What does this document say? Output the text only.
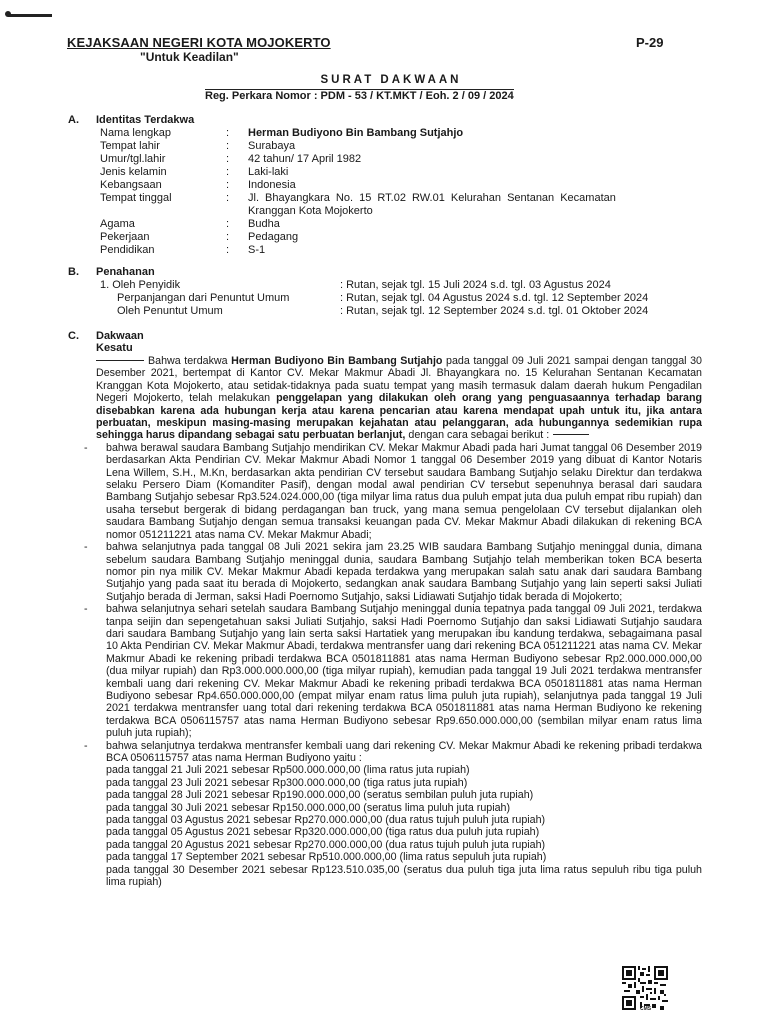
KEJAKSAAN NEGERI KOTA MOJOKERTO
"Untuk Keadilan"
P-29
SURAT DAKWAAN
Reg. Perkara Nomor : PDM - 53 / KT.MKT / Eoh. 2 / 09 / 2024
A. Identitas Terdakwa
Nama lengkap	: Herman Budiyono Bin Bambang Sutjahjo
Tempat lahir	: Surabaya
Umur/tgl.lahir	: 42 tahun/ 17 April 1982
Jenis kelamin	: Laki-laki
Kebangsaan	: Indonesia
Tempat tinggal	: Jl. Bhayangkara No. 15 RT.02 RW.01 Kelurahan Sentanan Kecamatan
Kranggan Kota Mojokerto
Agama	: Budha
Pekerjaan	: Pedagang
Pendidikan	: S-1
B. Penahanan
1. Oleh Penyidik	: Rutan, sejak tgl. 15 Juli 2024 s.d. tgl. 03 Agustus 2024
Perpanjangan dari Penuntut Umum	: Rutan, sejak tgl. 04 Agustus 2024 s.d. tgl. 12 September 2024
Oleh Penuntut Umum	: Rutan, sejak tgl. 12 September 2024 s.d. tgl. 01 Oktober 2024
C. Dakwaan
Kesatu

Bahwa terdakwa Herman Budiyono Bin Bambang Sutjahjo pada tanggal 09 Juli 2021 sampai dengan tanggal 30 Desember 2021, bertempat di Kantor CV. Mekar Makmur Abadi Jl. Bhayangkara no. 15 Kelurahan Sentanan Kecamatan Kranggan Kota Mojokerto, atau setidak-tidaknya pada suatu tempat yang masih termasuk dalam daerah hukum Pengadilan Negeri Mojokerto, telah melakukan penggelapan yang dilakukan oleh orang yang penguasaannya terhadap barang disebabkan karena ada hubungan kerja atau karena pencarian atau karena mendapat upah untuk itu, jika antara perbuatan, meskipun masing-masing merupakan kejahatan atau pelanggaran, ada hubungannya sedemikian rupa sehingga harus dipandang sebagai satu perbuatan berlanjut, dengan cara sebagai berikut :

- bahwa berawal saudara Bambang Sutjahjo mendirikan CV. Mekar Makmur Abadi pada hari Jumat tanggal 06 Desember 2019 berdasarkan Akta Pendirian CV. Mekar Makmur Abadi Nomor 1 tanggal 06 Desember 2019 yang dibuat di Kantor Notaris Lena Willem, S.H., M.Kn, berdasarkan akta pendirian CV tersebut saudara Bambang Sutjahjo selaku Direktur dan terdakwa selaku Persero Diam (Komanditer Pasif), dengan modal awal pendirian CV tersebut sepenuhnya berasal dari saudara Bambang Sutjahjo sebesar Rp3.524.024.000,00 (tiga milyar lima ratus dua puluh empat juta dua puluh empat ribu rupiah) dan usaha tersebut bergerak di bidang perdagangan ban truck, yang mana semua pengelolaan CV tersebut dijalankan oleh saudara Bambang Sutjahjo dengan semua transaksi keuangan pada CV. Mekar Makmur Abadi dilakukan di rekening BCA nomor 051211221 atas nama CV. Mekar Makmur Abadi;

- bahwa selanjutnya pada tanggal 08 Juli 2021 sekira jam 23.25 WIB saudara Bambang Sutjahjo meninggal dunia, dimana sebelum saudara Bambang Sutjahjo meninggal dunia, saudara Bambang Sutjahjo telah memberikan token BCA beserta nomor pin nya milik CV. Mekar Makmur Abadi kepada terdakwa yang merupakan salah satu anak dari saudara Bambang Sutjahjo yang pada saat itu berada di Mojokerto, sedangkan anak saudara Bambang Sutjahjo yang lain seperti saksi Juliati Sutjahjo berada di Jerman, saksi Hadi Poernomo Sutjahjo, saksi Lidiawati Sutjahjo tidak berada di Mojokerto;

- bahwa selanjutnya sehari setelah saudara Bambang Sutjahjo meninggal dunia tepatnya pada tanggal 09 Juli 2021, terdakwa tanpa seijin dan sepengetahuan saksi Juliati Sutjahjo, saksi Hadi Poernomo Sutjahjo dan saksi Lidiawati Sutjahjo saudara dari saudara Bambang Sutjahjo yang lain serta saksi Hartatiek yang merupakan ibu kandung terdakwa, sebagaimana pasal 10 Akta Pendirian CV. Mekar Makmur Abadi, terdakwa mentransfer uang dari rekening BCA 051211221 atas nama CV. Mekar Makmur Abadi ke rekening pribadi terdakwa BCA 0501811881 atas nama Herman Budiyono sebesar Rp2.000.000.000,00 (dua milyar rupiah) dan Rp3.000.000.000,00 (tiga milyar rupiah), kemudian pada tanggal 19 Juli 2021 terdakwa mentransfer kembali uang dari rekening CV. Mekar Makmur Abadi ke rekening pribadi terdakwa BCA 0501811881 atas nama Herman Budiyono sebesar Rp4.650.000.000,00 (empat milyar enam ratus lima puluh juta rupiah), selanjutnya pada tanggal 19 Juli 2021 terdakwa mentransfer uang total dari rekening terdakwa BCA 0501811881 atas nama Herman Budiyono ke rekening terdakwa BCA 0506115757 atas nama Herman Budiyono sebesar Rp9.650.000.000,00 (sembilan milyar enam ratus lima puluh juta rupiah);

- bahwa selanjutnya terdakwa mentransfer kembali uang dari rekening CV. Mekar Makmur Abadi ke rekening pribadi terdakwa BCA 0506115757 atas nama Herman Budiyono yaitu :

pada tanggal 21 Juli 2021 sebesar Rp500.000.000,00 (lima ratus juta rupiah)

pada tanggal 23 Juli 2021 sebesar Rp300.000.000,00 (tiga ratus juta rupiah)

pada tanggal 28 Juli 2021 sebesar Rp190.000.000,00 (seratus sembilan puluh juta rupiah)

pada tanggal 30 Juli 2021 sebesar Rp150.000.000,00 (seratus lima puluh juta rupiah)

pada tanggal 03 Agustus 2021 sebesar Rp270.000.000,00 (dua ratus tujuh puluh juta rupiah)

pada tanggal 05 Agustus 2021 sebesar Rp320.000.000,00 (tiga ratus dua puluh juta rupiah)

pada tanggal 20 Agustus 2021 sebesar Rp270.000.000,00 (dua ratus tujuh puluh juta rupiah)

pada tanggal 17 September 2021 sebesar Rp510.000.000,00 (lima ratus sepuluh juta rupiah)

pada tanggal 30 Desember 2021 sebesar Rp123.510.035,00 (seratus dua puluh tiga juta lima ratus sepuluh ribu tiga puluh lima rupiah)

CMS
